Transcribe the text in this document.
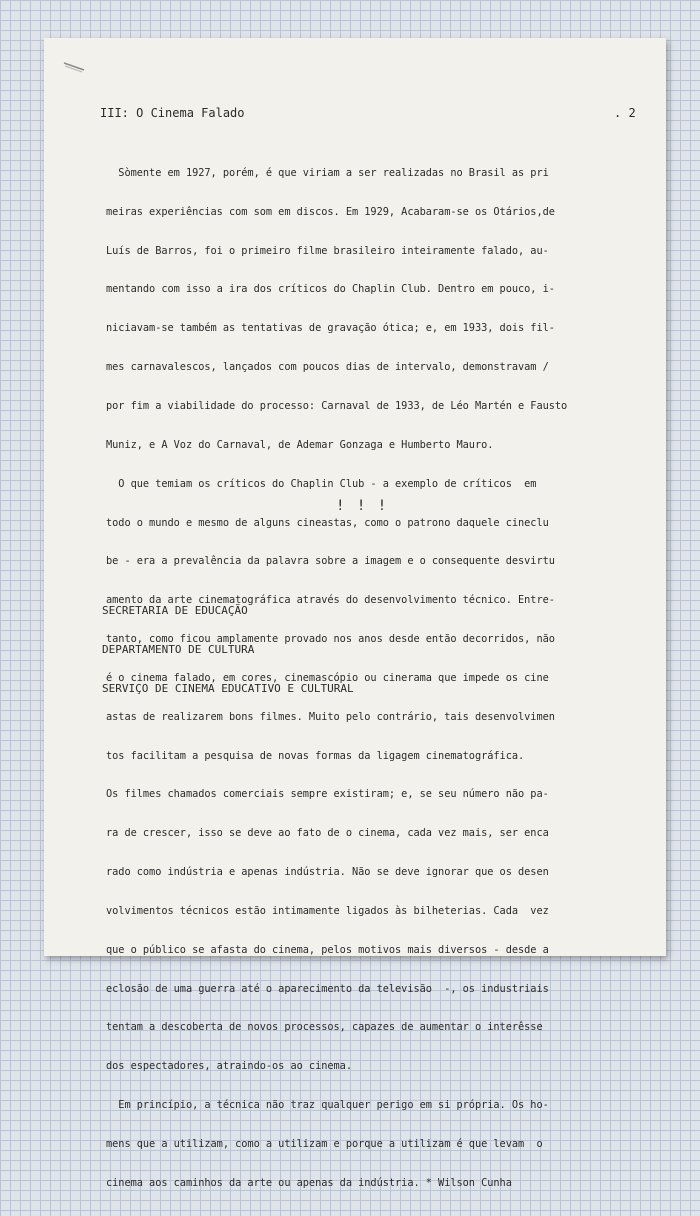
III: O Cinema Falado	. 2

Sòmente em 1927, porém, é que viriam a ser realizadas no Brasil as pri

meiras experiências com som em discos. Em 1929, Acabaram-se os Otários,de

Luís de Barros, foi o primeiro filme brasileiro inteiramente falado, au-

mentando com isso a ira dos críticos do Chaplin Club. Dentro em pouco, i-

niciavam-se também as tentativas de gravação ótica; e, em 1933, dois fil-

mes carnavalescos, lançados com poucos dias de intervalo, demonstravam /

por fim a viabilidade do processo: Carnaval de 1933, de Léo Martén e Fausto

Muniz, e A Voz do Carnaval, de Ademar Gonzaga e Humberto Mauro.

O que temiam os críticos do Chaplin Club - a exemplo de críticos  em

todo o mundo e mesmo de alguns cineastas, como o patrono daquele cineclu

be - era a prevalência da palavra sobre a imagem e o consequente desvirtu

amento da arte cinematográfica através do desenvolvimento técnico. Entre-

tanto, como ficou amplamente provado nos anos desde então decorridos, não

é o cinema falado, em cores, cinemascópio ou cinerama que impede os cine

astas de realizarem bons filmes. Muito pelo contrário, tais desenvolvimen

tos facilitam a pesquisa de novas formas da ligagem cinematográfica.

Os filmes chamados comerciais sempre existiram; e, se seu número não pa-

ra de crescer, isso se deve ao fato de o cinema, cada vez mais, ser enca

rado como indústria e apenas indústria. Não se deve ignorar que os desen

volvimentos técnicos estão intimamente ligados às bilheterias. Cada  vez

que o público se afasta do cinema, pelos motivos mais diversos - desde a

eclosão de uma guerra até o aparecimento da televisão  -, os industriais

tentam a descoberta de novos processos, capazes de aumentar o interêsse

dos espectadores, atraindo-os ao cinema.

Em princípio, a técnica não traz qualquer perigo em si própria. Os ho-

mens que a utilizam, como a utilizam e porque a utilizam é que levam  o

cinema aos caminhos da arte ou apenas da indústria. * Wilson Cunha

! ! !

SECRETARIA DE EDUCAÇÃO

DEPARTAMENTO DE CULTURA

SERVIÇO DE CINEMA EDUCATIVO E CULTURAL
